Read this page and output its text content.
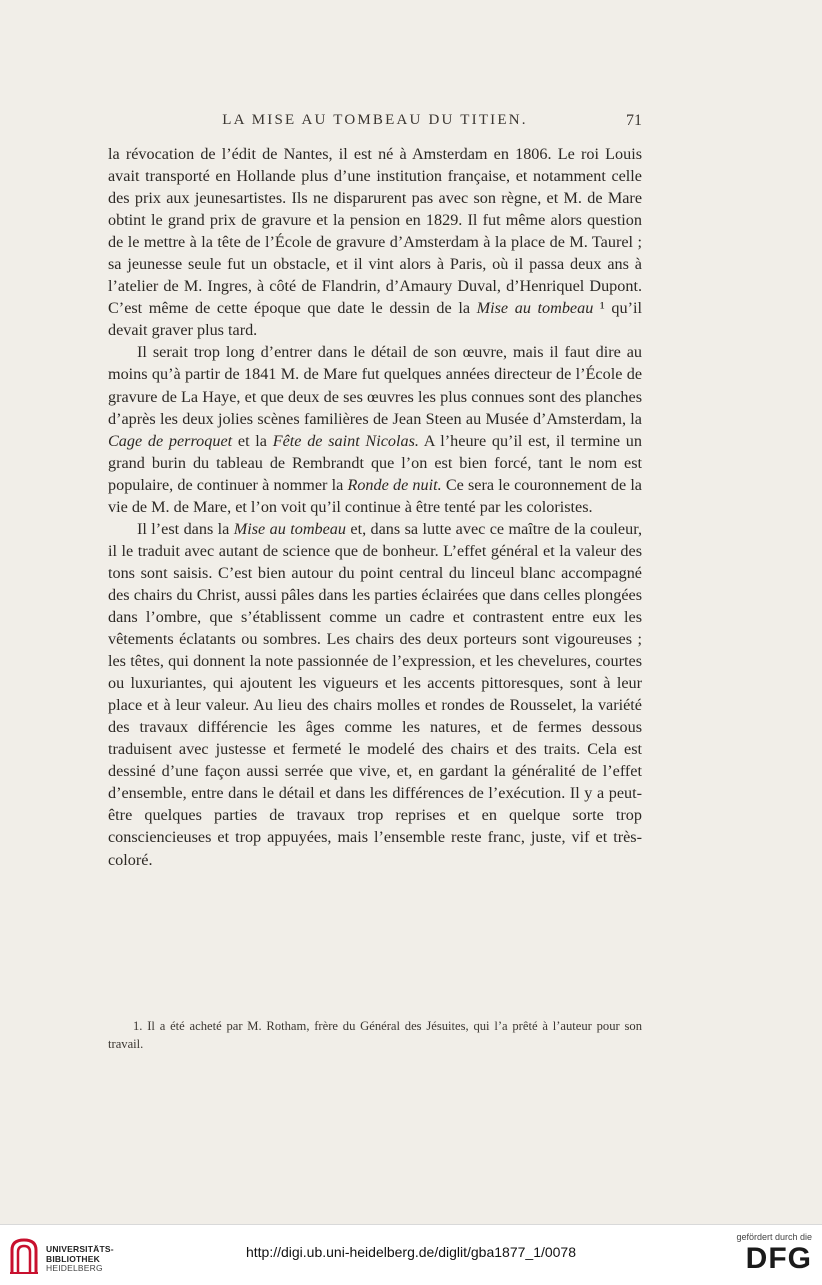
LA MISE AU TOMBEAU DU TITIEN.	71

la révocation de l’édit de Nantes, il est né à Amsterdam en 1806. Le roi Louis avait transporté en Hollande plus d’une institution française, et notamment celle des prix aux jeunesartistes. Ils ne disparurent pas avec son règne, et M. de Mare obtint le grand prix de gravure et la pension en 1829. Il fut même alors question de le mettre à la tête de l’École de gravure d’Amsterdam à la place de M. Taurel ; sa jeunesse seule fut un obstacle, et il vint alors à Paris, où il passa deux ans à l’atelier de M. Ingres, à côté de Flandrin, d’Amaury Duval, d’Henriquel Dupont. C’est même de cette époque que date le dessin de la Mise au tombeau ¹ qu’il devait graver plus tard.

Il serait trop long d’entrer dans le détail de son œuvre, mais il faut dire au moins qu’à partir de 1841 M. de Mare fut quelques années directeur de l’École de gravure de La Haye, et que deux de ses œuvres les plus connues sont des planches d’après les deux jolies scènes familières de Jean Steen au Musée d’Amsterdam, la Cage de perroquet et la Fête de saint Nicolas. A l’heure qu’il est, il termine un grand burin du tableau de Rembrandt que l’on est bien forcé, tant le nom est populaire, de continuer à nommer la Ronde de nuit. Ce sera le couronnement de la vie de M. de Mare, et l’on voit qu’il continue à être tenté par les coloristes.

Il l’est dans la Mise au tombeau et, dans sa lutte avec ce maître de la couleur, il le traduit avec autant de science que de bonheur. L’effet général et la valeur des tons sont saisis. C’est bien autour du point central du linceul blanc accompagné des chairs du Christ, aussi pâles dans les parties éclairées que dans celles plongées dans l’ombre, que s’établissent comme un cadre et contrastent entre eux les vêtements éclatants ou sombres. Les chairs des deux porteurs sont vigoureuses ; les têtes, qui donnent la note passionnée de l’expression, et les chevelures, courtes ou luxuriantes, qui ajoutent les vigueurs et les accents pittoresques, sont à leur place et à leur valeur. Au lieu des chairs molles et rondes de Rousselet, la variété des travaux différencie les âges comme les natures, et de fermes dessous traduisent avec justesse et fermeté le modelé des chairs et des traits. Cela est dessiné d’une façon aussi serrée que vive, et, en gardant la généralité de l’effet d’ensemble, entre dans le détail et dans les différences de l’exécution. Il y a peut-être quelques parties de travaux trop reprises et en quelque sorte trop consciencieuses et trop appuyées, mais l’ensemble reste franc, juste, vif et très-coloré.

1. Il a été acheté par M. Rotham, frère du Général des Jésuites, qui l’a prêté à l’auteur pour son travail.

UNIVERSITÄTS-
BIBLIOTHEK
HEIDELBERG
http://digi.ub.uni-heidelberg.de/diglit/gba1877_1/0078
gefördert durch die
DFG
